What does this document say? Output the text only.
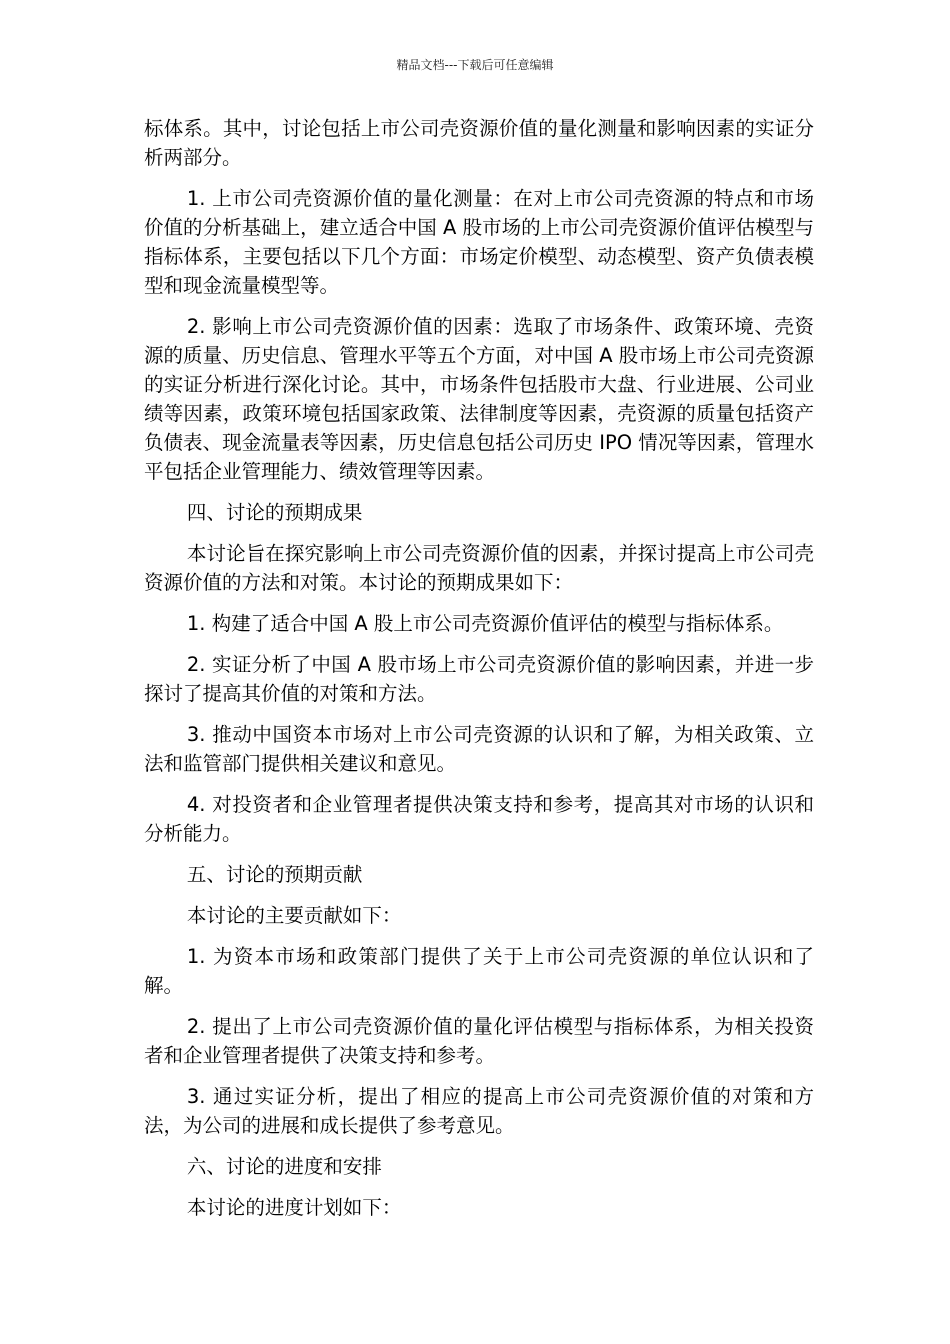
精品文档---下载后可任意编辑

标体系。其中，讨论包括上市公司壳资源价值的量化测量和影响因素的实证分析两部分。

1. 上市公司壳资源价值的量化测量：在对上市公司壳资源的特点和市场价值的分析基础上，建立适合中国 A 股市场的上市公司壳资源价值评估模型与指标体系，主要包括以下几个方面：市场定价模型、动态模型、资产负债表模型和现金流量模型等。

2. 影响上市公司壳资源价值的因素：选取了市场条件、政策环境、壳资源的质量、历史信息、管理水平等五个方面，对中国 A 股市场上市公司壳资源的实证分析进行深化讨论。其中，市场条件包括股市大盘、行业进展、公司业绩等因素，政策环境包括国家政策、法律制度等因素，壳资源的质量包括资产负债表、现金流量表等因素，历史信息包括公司历史 IPO 情况等因素，管理水平包括企业管理能力、绩效管理等因素。

四、讨论的预期成果

本讨论旨在探究影响上市公司壳资源价值的因素，并探讨提高上市公司壳资源价值的方法和对策。本讨论的预期成果如下：

1. 构建了适合中国 A 股上市公司壳资源价值评估的模型与指标体系。

2. 实证分析了中国 A 股市场上市公司壳资源价值的影响因素，并进一步探讨了提高其价值的对策和方法。

3. 推动中国资本市场对上市公司壳资源的认识和了解，为相关政策、立法和监管部门提供相关建议和意见。

4. 对投资者和企业管理者提供决策支持和参考，提高其对市场的认识和分析能力。

五、讨论的预期贡献

本讨论的主要贡献如下：

1. 为资本市场和政策部门提供了关于上市公司壳资源的单位认识和了解。

2. 提出了上市公司壳资源价值的量化评估模型与指标体系，为相关投资者和企业管理者提供了决策支持和参考。

3. 通过实证分析，提出了相应的提高上市公司壳资源价值的对策和方法，为公司的进展和成长提供了参考意见。

六、讨论的进度和安排

本讨论的进度计划如下：
